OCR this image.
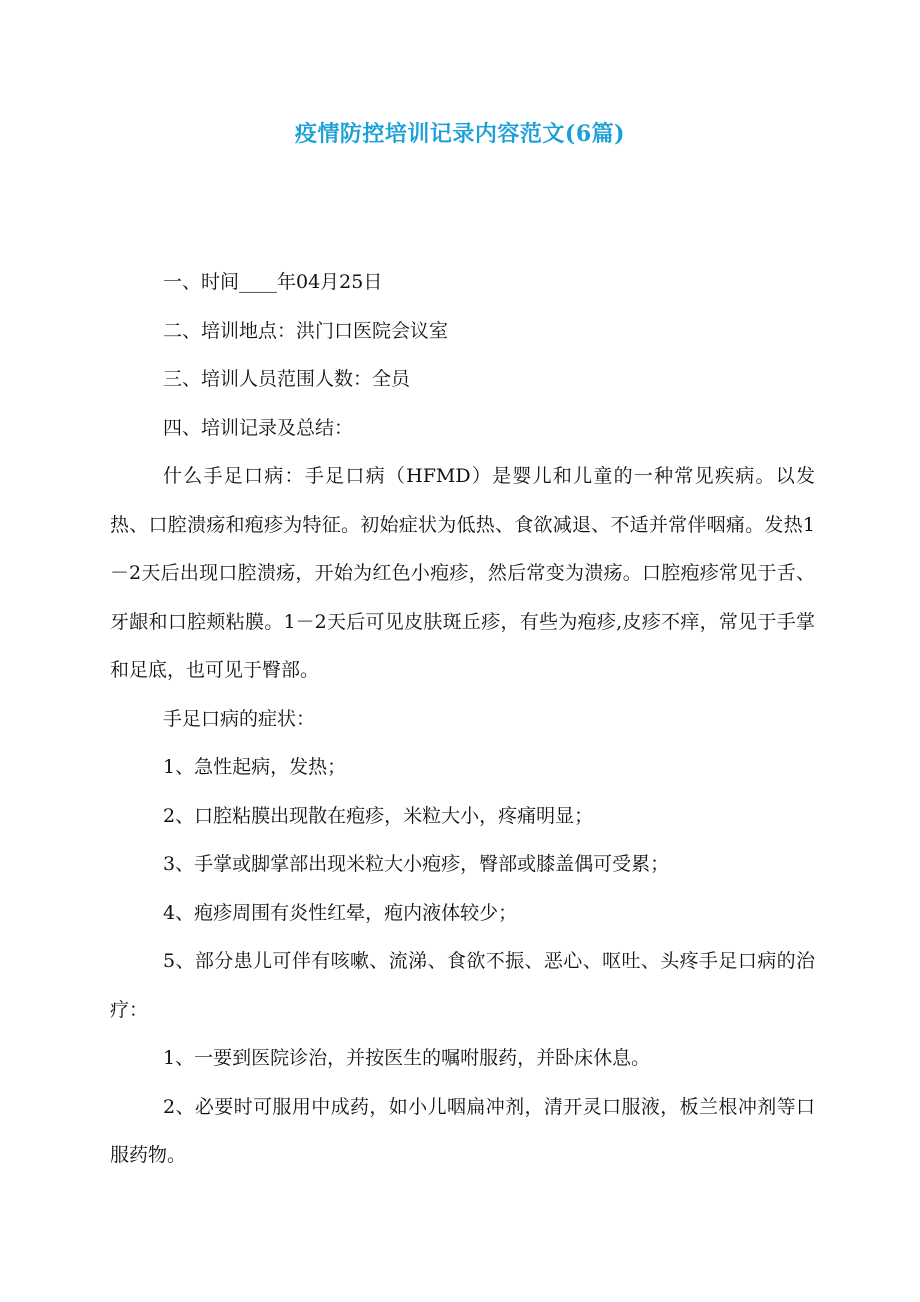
疫情防控培训记录内容范文(6篇)

一、时间____年04月25日

二、培训地点：洪门口医院会议室

三、培训人员范围人数：全员

四、培训记录及总结：

什么手足口病：手足口病（HFMD）是婴儿和儿童的一种常见疾病。以发热、口腔溃疡和疱疹为特征。初始症状为低热、食欲减退、不适并常伴咽痛。发热1－2天后出现口腔溃疡，开始为红色小疱疹，然后常变为溃疡。口腔疱疹常见于舌、牙龈和口腔颊粘膜。1－2天后可见皮肤斑丘疹，有些为疱疹,皮疹不痒，常见于手掌和足底，也可见于臀部。

手足口病的症状：

1、急性起病，发热；

2、口腔粘膜出现散在疱疹，米粒大小，疼痛明显；

3、手掌或脚掌部出现米粒大小疱疹，臀部或膝盖偶可受累；

4、疱疹周围有炎性红晕，疱内液体较少；

5、部分患儿可伴有咳嗽、流涕、食欲不振、恶心、呕吐、头疼手足口病的治疗：

1、一要到医院诊治，并按医生的嘱咐服药，并卧床休息。

2、必要时可服用中成药，如小儿咽扁冲剂，清开灵口服液，板兰根冲剂等口服药物。
